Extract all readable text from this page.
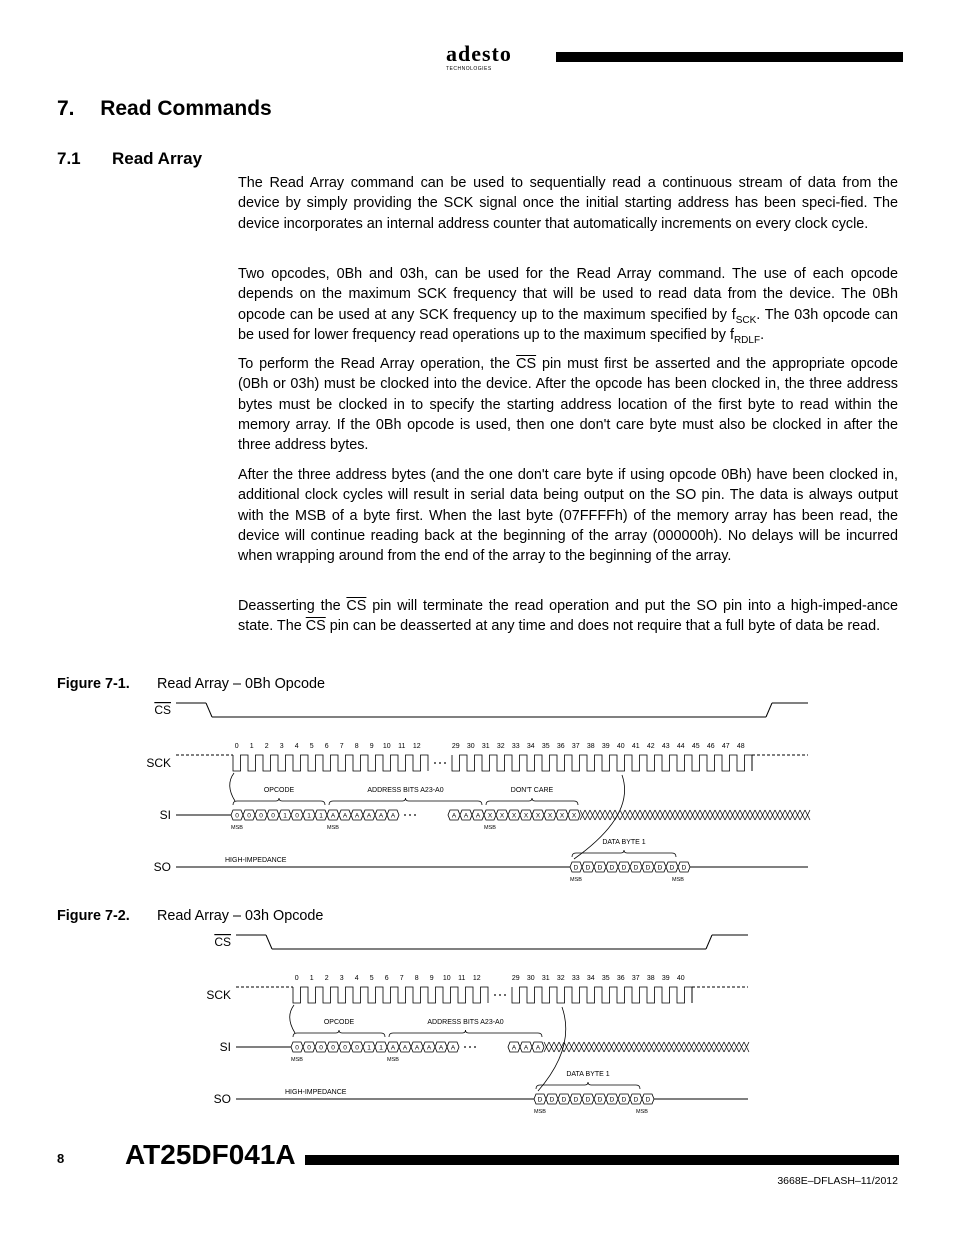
adesto
TECHNOLOGIES
7. Read Commands
7.1 Read Array
The Read Array command can be used to sequentially read a continuous stream of data from the device by simply providing the SCK signal once the initial starting address has been speci-fied. The device incorporates an internal address counter that automatically increments on every clock cycle.
Two opcodes, 0Bh and 03h, can be used for the Read Array command. The use of each opcode depends on the maximum SCK frequency that will be used to read data from the device. The 0Bh opcode can be used at any SCK frequency up to the maximum specified by $f_{SCK}$. The 03h opcode can be used for lower frequency read operations up to the maximum specified by $f_{RDLF}$.
To perform the Read Array operation, the $\overline{CS}$ pin must first be asserted and the appropriate opcode (0Bh or 03h) must be clocked into the device. After the opcode has been clocked in, the three address bytes must be clocked in to specify the starting address location of the first byte to read within the memory array. If the 0Bh opcode is used, then one don't care byte must also be clocked in after the three address bytes.
After the three address bytes (and the one don't care byte if using opcode 0Bh) have been clocked in, additional clock cycles will result in serial data being output on the SO pin. The data is always output with the MSB of a byte first. When the last byte (07FFFFh) of the memory array has been read, the device will continue reading back at the beginning of the array (000000h). No delays will be incurred when wrapping around from the end of the array to the beginning of the array.
Deasserting the $\overline{CS}$ pin will terminate the read operation and put the SO pin into a high-imped-ance state. The $\overline{CS}$ pin can be deasserted at any time and does not require that a full byte of data be read.
Figure 7-1. Read Array – 0Bh Opcode
CS
SCK
SI
SO
0 1 2 3 4 5 6 7 8 9 10 11 12	29 30 31 32 33 34 35 36 37 38 39 40 41 42 43 44 45 46 47 48
0 0 0 0 1 0 1 1
OPCODE
MSB
A A A A A A
MSB
A A A
ADDRESS BITS A23-A0
X X X X X X X X
DON'T CARE
MSB
HIGH-IMPEDANCE
D D D D D D D D D D
DATA BYTE 1
MSB	MSB
Figure 7-2. Read Array – 03h Opcode
CS
SCK
SI
SO
0 1 2 3 4 5 6 7 8 9 10 11 12	29 30 31 32 33 34 35 36 37 38 39 40
0 0 0 0 0 0 1 1
OPCODE
MSB
A A A A A A
MSB
A A A
ADDRESS BITS A23-A0
HIGH-IMPEDANCE
D D D D D D D D D D
DATA BYTE 1
MSB	MSB
8 AT25DF041A
3668E–DFLASH–11/2012
